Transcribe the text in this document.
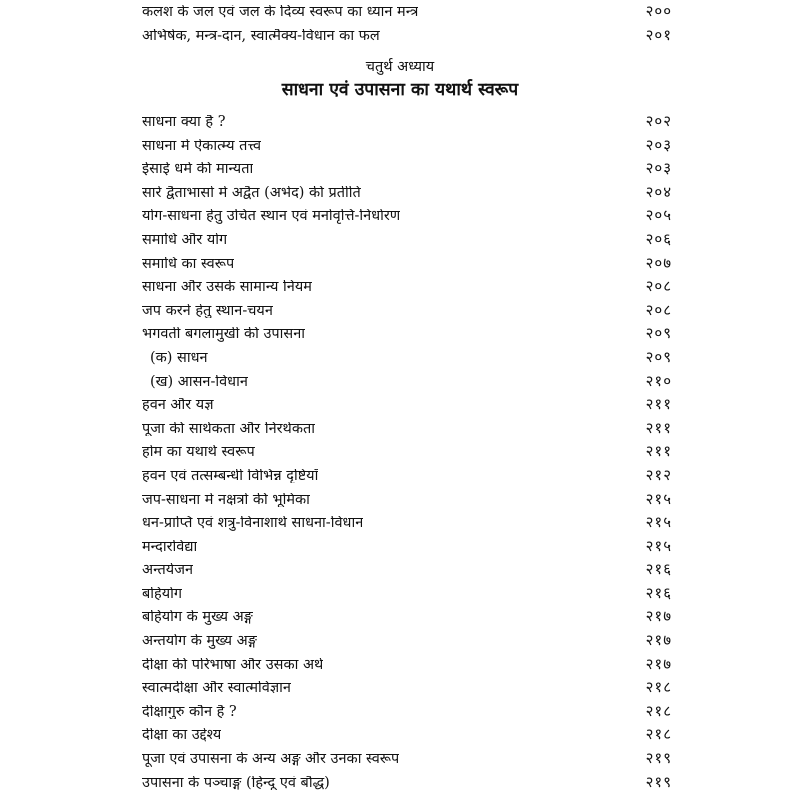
कलश के जल एवं जल के दिव्य स्वरूप का ध्यान मन्त्र	२००
अभिषेक, मन्त्र-दान, स्वात्मैक्य-विधान का फल	२०१
चतुर्थ अध्याय
साधना एवं उपासना का यथार्थ स्वरूप
साधना क्या है ?	२०२
साधना में ऐकात्म्य तत्त्व	२०३
ईसाई धर्म की मान्यता	२०३
सारे द्वैताभासों में अद्वैत (अभेद) की प्रतीति	२०४
योग-साधना हेतु उचित स्थान एवं मनोवृत्ति-निर्धारण	२०५
समाधि और योग	२०६
समाधि का स्वरूप	२०७
साधना और उसके सामान्य नियम	२०८
जप करने हेतु स्थान-चयन	२०८
भगवती बगलामुखी की उपासना	२०९
(क) साधन	२०९
(ख) आसन-विधान	२१०
हवन और यज्ञ	२११
पूजा की सार्थकता और निरर्थकता	२११
होम का यथार्थ स्वरूप	२११
हवन एवं तत्सम्बन्धी विभिन्न दृष्टियाँ	२१२
जप-साधना में नक्षत्रों की भूमिका	२१५
धन-प्राप्ति एवं शत्रु-विनाशार्थ साधना-विधान	२१५
मन्दारविद्या	२१५
अन्तर्यजन	२१६
बहिर्याग	२१६
बहिर्याग के मुख्य अङ्ग	२१७
अन्तर्याग के मुख्य अङ्ग	२१७
दीक्षा की परिभाषा और उसका अर्थ	२१७
स्वात्मदीक्षा और स्वात्मविज्ञान	२१८
दीक्षागुरु कौन है ?	२१८
दीक्षा का उद्देश्य	२१८
पूजा एवं उपासना के अन्य अङ्ग और उनका स्वरूप	२१९
उपासना के पञ्चाङ्ग (हिन्दू एवं बौद्ध)	२१९
